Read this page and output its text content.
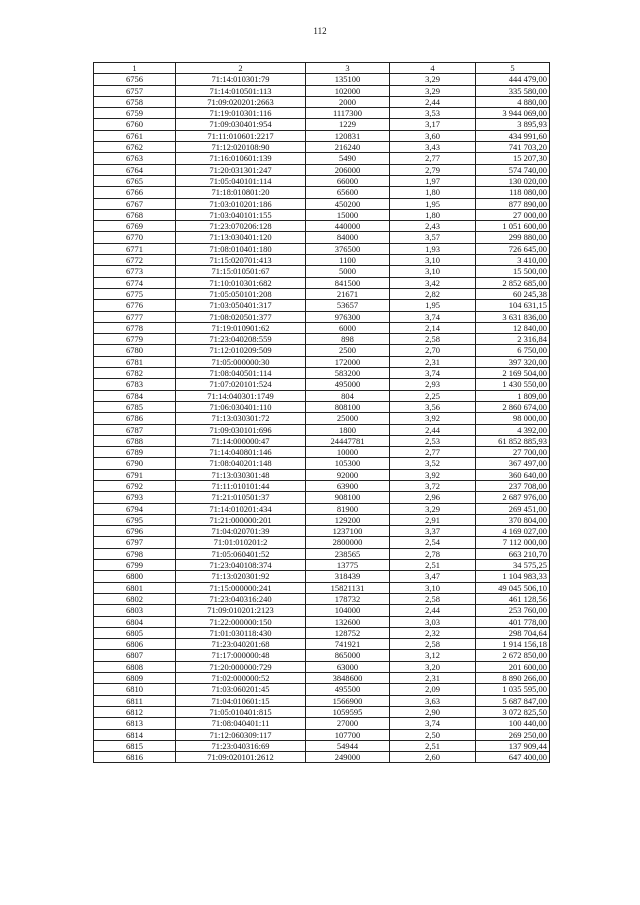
112
1	2	3	4	5
6756	71:14:010301:79	135100	3,29	444 479,00
6757	71:14:010501:113	102000	3,29	335 580,00
6758	71:09:020201:2663	2000	2,44	4 880,00
6759	71:19:010301:116	1117300	3,53	3 944 069,00
6760	71:09:030401:954	1229	3,17	3 895,93
6761	71:11:010601:2217	120831	3,60	434 991,60
6762	71:12:020108:90	216240	3,43	741 703,20
6763	71:16:010601:139	5490	2,77	15 207,30
6764	71:20:031301:247	206000	2,79	574 740,00
6765	71:05:040101:114	66000	1,97	130 020,00
6766	71:18:010801:20	65600	1,80	118 080,00
6767	71:03:010201:186	450200	1,95	877 890,00
6768	71:03:040101:155	15000	1,80	27 000,00
6769	71:23:070206:128	440000	2,43	1 051 600,00
6770	71:13:030401:120	84000	3,57	299 880,00
6771	71:08:010401:180	376500	1,93	726 645,00
6772	71:15:020701:413	1100	3,10	3 410,00
6773	71:15:010501:67	5000	3,10	15 500,00
6774	71:10:010301:682	841500	3,42	2 852 685,00
6775	71:05:050101:208	21671	2,82	60 245,38
6776	71:03:050401:317	53657	1,95	104 631,15
6777	71:08:020501:377	976300	3,74	3 631 836,00
6778	71:19:010901:62	6000	2,14	12 840,00
6779	71:23:040208:559	898	2,58	2 316,84
6780	71:12:010209:509	2500	2,70	6 750,00
6781	71:05:000000:30	172000	2,31	397 320,00
6782	71:08:040501:114	583200	3,74	2 169 504,00
6783	71:07:020101:524	495000	2,93	1 430 550,00
6784	71:14:040301:1749	804	2,25	1 809,00
6785	71:06:030401:110	808100	3,56	2 860 674,00
6786	71:13:030301:72	25000	3,92	98 000,00
6787	71:09:030101:696	1800	2,44	4 392,00
6788	71:14:000000:47	24447781	2,53	61 852 885,93
6789	71:14:040801:146	10000	2,77	27 700,00
6790	71:08:040201:148	105300	3,52	367 497,00
6791	71:13:030301:48	92000	3,92	360 640,00
6792	71:11:010101:44	63900	3,72	237 708,00
6793	71:21:010501:37	908100	2,96	2 687 976,00
6794	71:14:010201:434	81900	3,29	269 451,00
6795	71:21:000000:201	129200	2,91	370 804,00
6796	71:04:020701:39	1237100	3,37	4 169 027,00
6797	71:01:010201:2	2800000	2,54	7 112 000,00
6798	71:05:060401:52	238565	2,78	663 210,70
6799	71:23:040108:374	13775	2,51	34 575,25
6800	71:13:020301:92	318439	3,47	1 104 983,33
6801	71:15:000000:241	15821131	3,10	49 045 506,10
6802	71:23:040316:240	178732	2,58	461 128,56
6803	71:09:010201:2123	104000	2,44	253 760,00
6804	71:22:000000:150	132600	3,03	401 778,00
6805	71:01:030118:430	128752	2,32	298 704,64
6806	71:23:040201:68	741921	2,58	1 914 156,18
6807	71:17:000000:48	865000	3,12	2 672 850,00
6808	71:20:000000:729	63000	3,20	201 600,00
6809	71:02:000000:52	3848600	2,31	8 890 266,00
6810	71:03:060201:45	495500	2,09	1 035 595,00
6811	71:04:010601:15	1566900	3,63	5 687 847,00
6812	71:05:010401:815	1059595	2,90	3 072 825,50
6813	71:08:040401:11	27000	3,74	100 440,00
6814	71:12:060309:117	107700	2,50	269 250,00
6815	71:23:040316:69	54944	2,51	137 909,44
6816	71:09:020101:2612	249000	2,60	647 400,00
